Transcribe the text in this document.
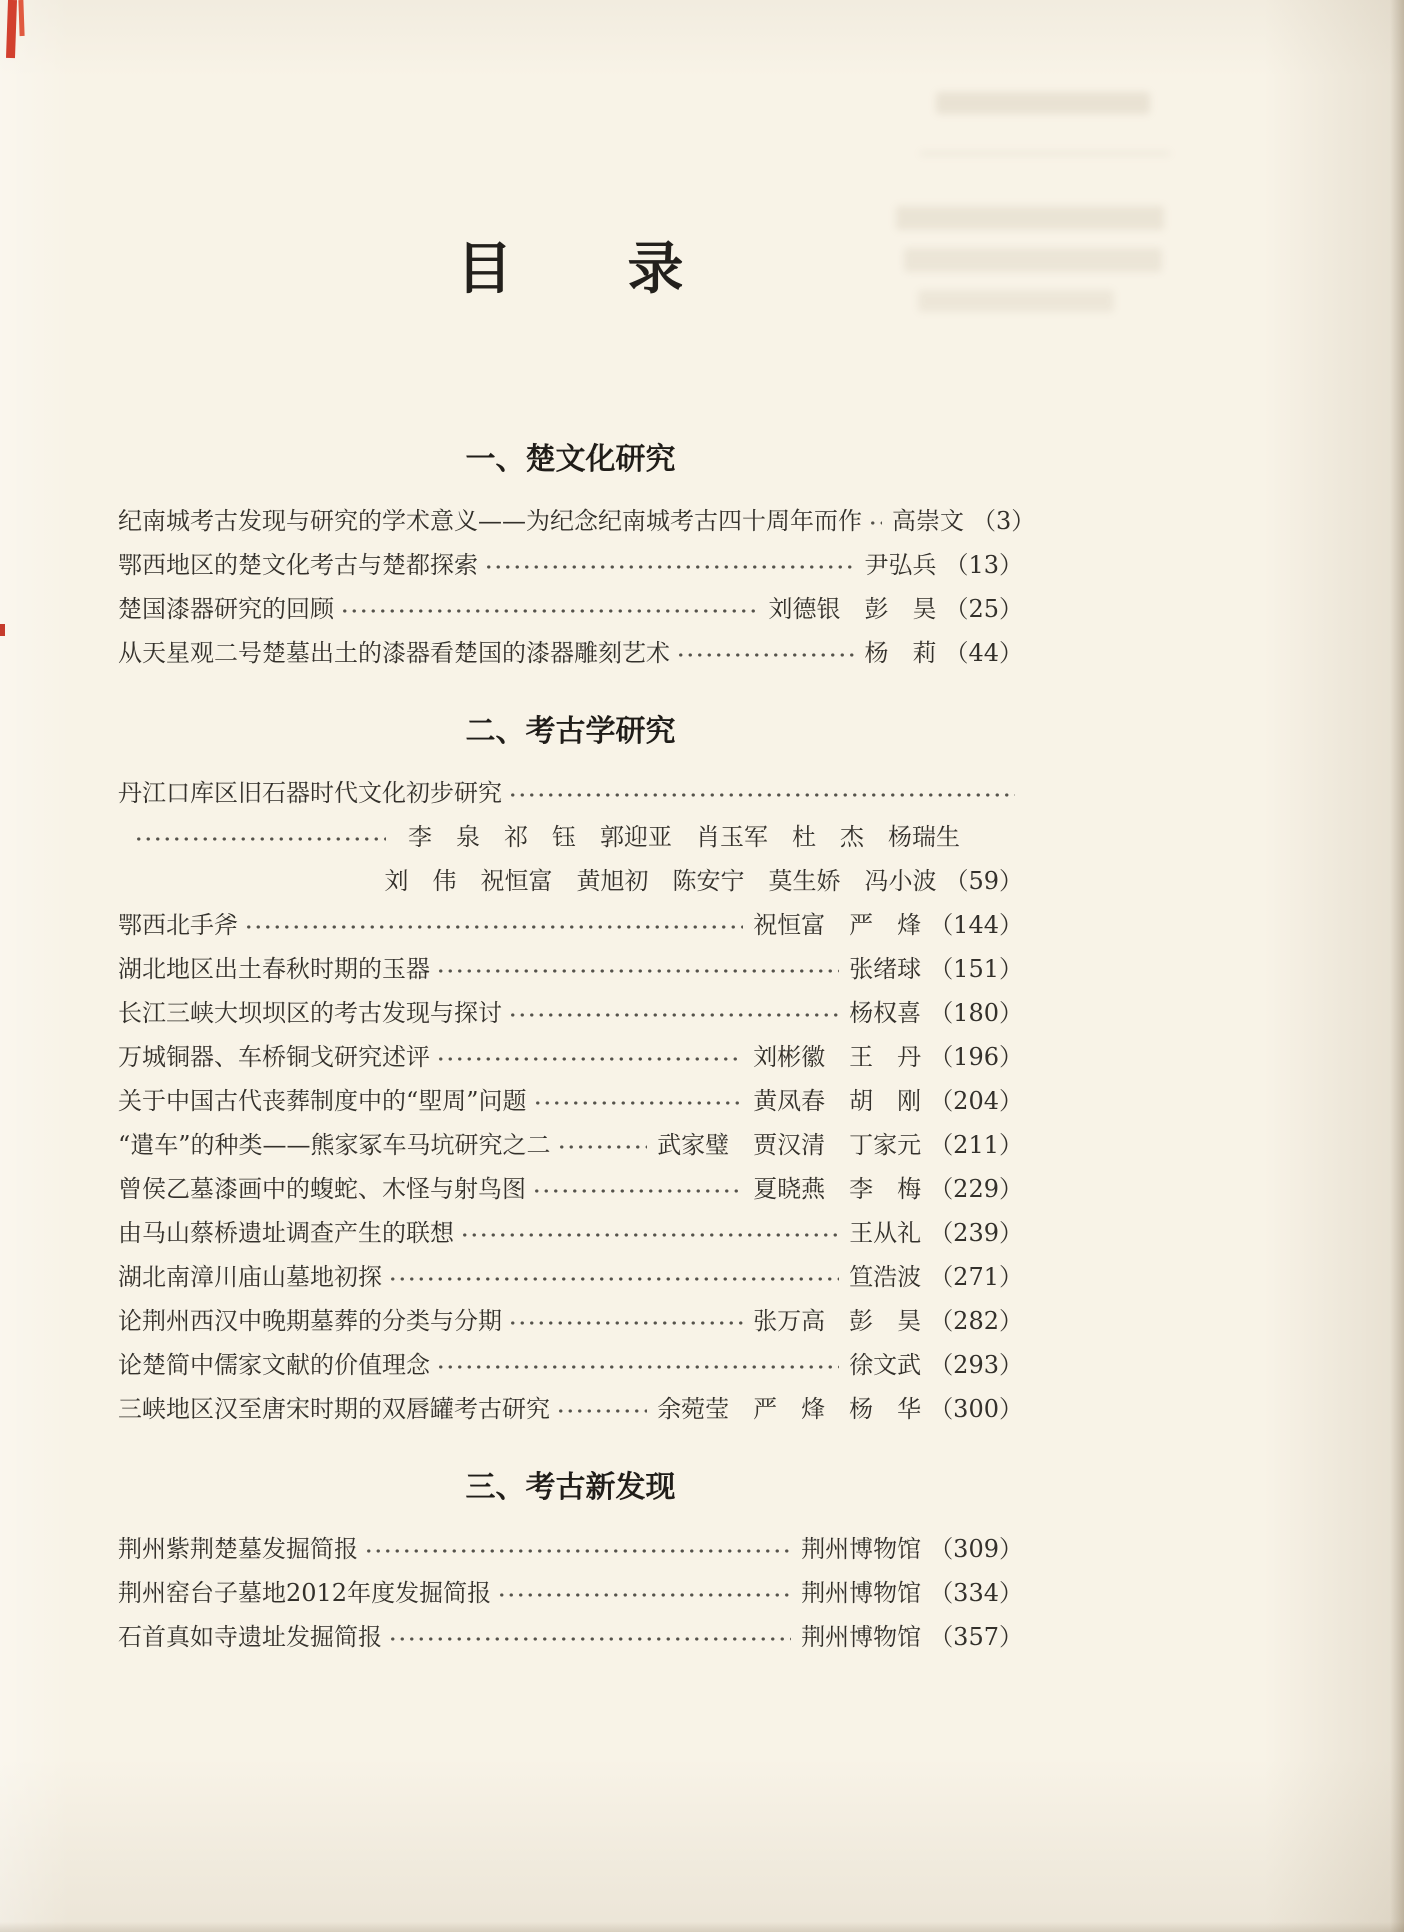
目　　录
一、楚文化研究
纪南城考古发现与研究的学术意义——为纪念纪南城考古四十周年而作 高崇文 （3）
鄂西地区的楚文化考古与楚都探索	尹弘兵 （13）
楚国漆器研究的回顾	刘德银　彭　昊 （25）
从天星观二号楚墓出土的漆器看楚国的漆器雕刻艺术	杨　莉 （44）
二、考古学研究
丹江口库区旧石器时代文化初步研究
李　泉　祁　钰　郭迎亚　肖玉军　杜　杰　杨瑞生
刘　伟　祝恒富　黄旭初　陈安宁　莫生娇　冯小波 （59）
鄂西北手斧	祝恒富　严　烽 （144）
湖北地区出土春秋时期的玉器	张绪球 （151）
长江三峡大坝坝区的考古发现与探讨	杨权喜 （180）
万城铜器、车桥铜戈研究述评	刘彬徽　王　丹 （196）
关于中国古代丧葬制度中的“堲周”问题	黄凤春　胡　刚 （204）
“遣车”的种类——熊家冢车马坑研究之二	武家璧　贾汉清　丁家元 （211）
曾侯乙墓漆画中的蝮蛇、木怪与射鸟图	夏晓燕　李　梅 （229）
由马山蔡桥遗址调查产生的联想	王从礼 （239）
湖北南漳川庙山墓地初探	笪浩波 （271）
论荆州西汉中晚期墓葬的分类与分期	张万高　彭　昊 （282）
论楚简中儒家文献的价值理念	徐文武 （293）
三峡地区汉至唐宋时期的双唇罐考古研究	余菀莹　严　烽　杨　华 （300）
三、考古新发现
荆州紫荆楚墓发掘简报	荆州博物馆 （309）
荆州窑台子墓地2012年度发掘简报	荆州博物馆 （334）
石首真如寺遗址发掘简报	荆州博物馆 （357）
